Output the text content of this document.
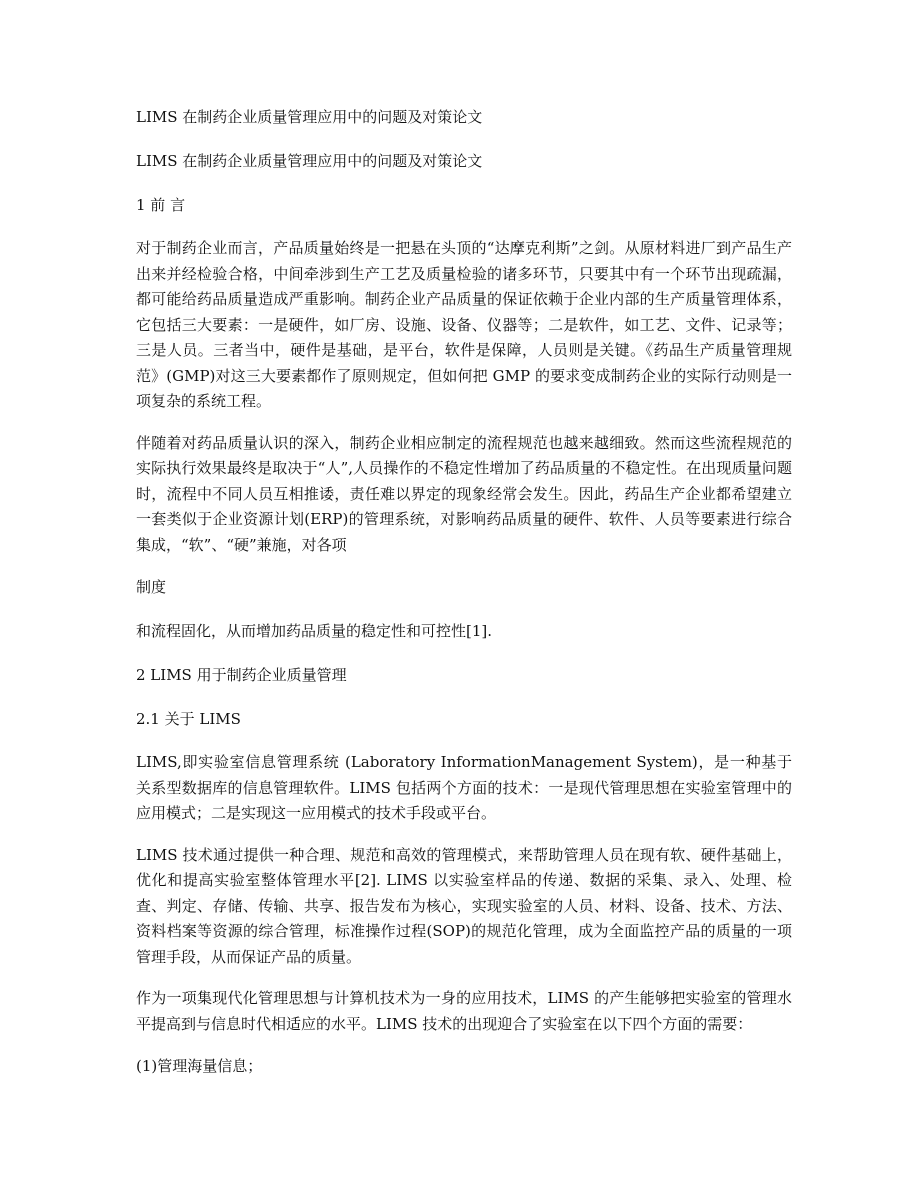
LIMS 在制药企业质量管理应用中的问题及对策论文

LIMS 在制药企业质量管理应用中的问题及对策论文

1 前 言

对于制药企业而言，产品质量始终是一把悬在头顶的“达摩克利斯”之剑。从原材料进厂到产品生产出来并经检验合格，中间牵涉到生产工艺及质量检验的诸多环节，只要其中有一个环节出现疏漏，都可能给药品质量造成严重影响。制药企业产品质量的保证依赖于企业内部的生产质量管理体系，它包括三大要素：一是硬件，如厂房、设施、设备、仪器等；二是软件，如工艺、文件、记录等；三是人员。三者当中，硬件是基础，是平台，软件是保障，人员则是关键。《药品生产质量管理规范》(GMP)对这三大要素都作了原则规定，但如何把 GMP 的要求变成制药企业的实际行动则是一项复杂的系统工程。

伴随着对药品质量认识的深入，制药企业相应制定的流程规范也越来越细致。然而这些流程规范的实际执行效果最终是取决于“人”,人员操作的不稳定性增加了药品质量的不稳定性。在出现质量问题时，流程中不同人员互相推诿，责任难以界定的现象经常会发生。因此，药品生产企业都希望建立一套类似于企业资源计划(ERP)的管理系统，对影响药品质量的硬件、软件、人员等要素进行综合集成，“软”、“硬”兼施，对各项

制度

和流程固化，从而增加药品质量的稳定性和可控性[1].

2 LIMS 用于制药企业质量管理

2.1 关于 LIMS

LIMS,即实验室信息管理系统 (Laboratory InformationManagement System)，是一种基于关系型数据库的信息管理软件。LIMS 包括两个方面的技术：一是现代管理思想在实验室管理中的应用模式；二是实现这一应用模式的技术手段或平台。

LIMS 技术通过提供一种合理、规范和高效的管理模式，来帮助管理人员在现有软、硬件基础上，优化和提高实验室整体管理水平[2]. LIMS 以实验室样品的传递、数据的采集、录入、处理、检查、判定、存储、传输、共享、报告发布为核心，实现实验室的人员、材料、设备、技术、方法、资料档案等资源的综合管理，标准操作过程(SOP)的规范化管理，成为全面监控产品的质量的一项管理手段，从而保证产品的质量。

作为一项集现代化管理思想与计算机技术为一身的应用技术，LIMS 的产生能够把实验室的管理水平提高到与信息时代相适应的水平。LIMS 技术的出现迎合了实验室在以下四个方面的需要：

(1)管理海量信息；
